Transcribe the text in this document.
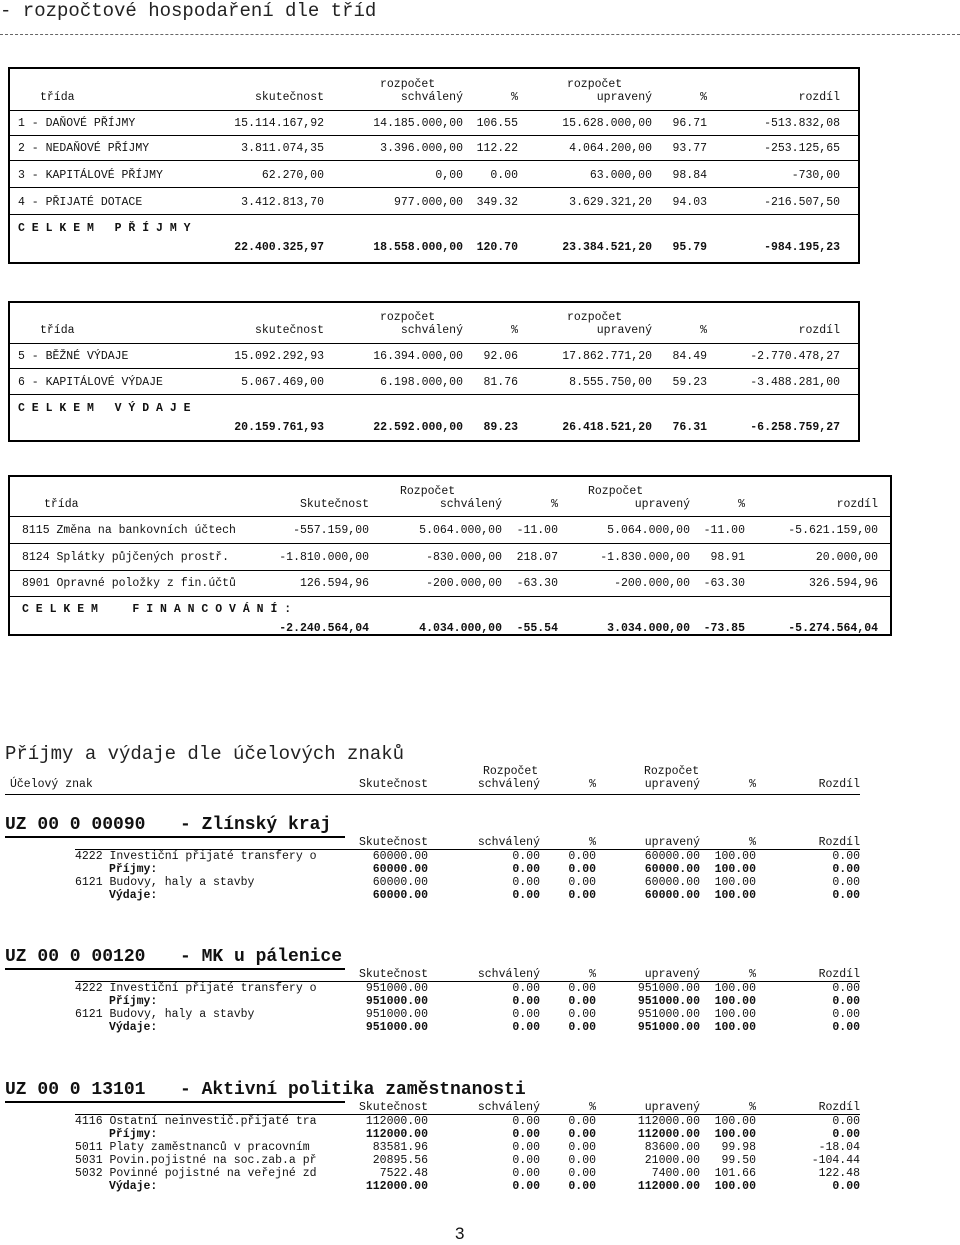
- rozpočtové hospodaření dle tříd
rozpočet	rozpočet
třída	skutečnost	schválený	%	upravený	%	rozdíl
1 - DAŇOVÉ PŘÍJMY	15.114.167,92	14.185.000,00	106.55	15.628.000,00	96.71	-513.832,08
2 - NEDAŇOVÉ PŘÍJMY	3.811.074,35	3.396.000,00	112.22	4.064.200,00	93.77	-253.125,65
3 - KAPITÁLOVÉ PŘÍJMY	62.270,00	0,00	0.00	63.000,00	98.84	-730,00
4 - PŘIJATÉ DOTACE	3.412.813,70	977.000,00	349.32	3.629.321,20	94.03	-216.507,50
C E L K E M   P Ř Í J M Y
22.400.325,97	18.558.000,00	120.70	23.384.521,20	95.79	-984.195,23
rozpočet	rozpočet
třída	skutečnost	schválený	%	upravený	%	rozdíl
5 - BĚŽNÉ VÝDAJE	15.092.292,93	16.394.000,00	92.06	17.862.771,20	84.49	-2.770.478,27
6 - KAPITÁLOVÉ VÝDAJE	5.067.469,00	6.198.000,00	81.76	8.555.750,00	59.23	-3.488.281,00
C E L K E M   V Ý D A J E
20.159.761,93	22.592.000,00	89.23	26.418.521,20	76.31	-6.258.759,27
Rozpočet	Rozpočet
třída	Skutečnost	schválený	%	upravený	%	rozdíl
8115 Změna na bankovních účtech	-557.159,00	5.064.000,00	-11.00	5.064.000,00	-11.00	-5.621.159,00
8124 Splátky půjčených prostř.	-1.810.000,00	-830.000,00	218.07	-1.830.000,00	98.91	20.000,00
8901 Opravné položky z fin.účtů	126.594,96	-200.000,00	-63.30	-200.000,00	-63.30	326.594,96
C E L K E M     F I N A N C O V Á N Í :
-2.240.564,04	4.034.000,00	-55.54	3.034.000,00	-73.85	-5.274.564,04
Příjmy a výdaje dle účelových znaků
Rozpočet	Rozpočet
Účelový znak	Skutečnost	schválený	%	upravený	%	Rozdíl
UZ 00 0 00090 - Zlínský kraj
Skutečnost	schválený	%	upravený	%	Rozdíl
4222 Investiční přijaté transfery o	60000.00	0.00	0.00	60000.00	100.00	0.00
Příjmy:	60000.00	0.00	0.00	60000.00	100.00	0.00
6121 Budovy, haly a stavby	60000.00	0.00	0.00	60000.00	100.00	0.00
Výdaje:	60000.00	0.00	0.00	60000.00	100.00	0.00
UZ 00 0 00120 - MK u pálenice
Skutečnost	schválený	%	upravený	%	Rozdíl
4222 Investiční přijaté transfery o	951000.00	0.00	0.00	951000.00	100.00	0.00
Příjmy:	951000.00	0.00	0.00	951000.00	100.00	0.00
6121 Budovy, haly a stavby	951000.00	0.00	0.00	951000.00	100.00	0.00
Výdaje:	951000.00	0.00	0.00	951000.00	100.00	0.00
UZ 00 0 13101 - Aktivní politika zaměstnanosti
Skutečnost	schválený	%	upravený	%	Rozdíl
4116 Ostatní neinvestič.přijaté tra	112000.00	0.00	0.00	112000.00	100.00	0.00
Příjmy:	112000.00	0.00	0.00	112000.00	100.00	0.00
5011 Platy zaměstnanců v pracovním	83581.96	0.00	0.00	83600.00	99.98	-18.04
5031 Povin.pojistné na soc.zab.a př	20895.56	0.00	0.00	21000.00	99.50	-104.44
5032 Povinné pojistné na veřejné zd	7522.48	0.00	0.00	7400.00	101.66	122.48
Výdaje:	112000.00	0.00	0.00	112000.00	100.00	0.00
3
